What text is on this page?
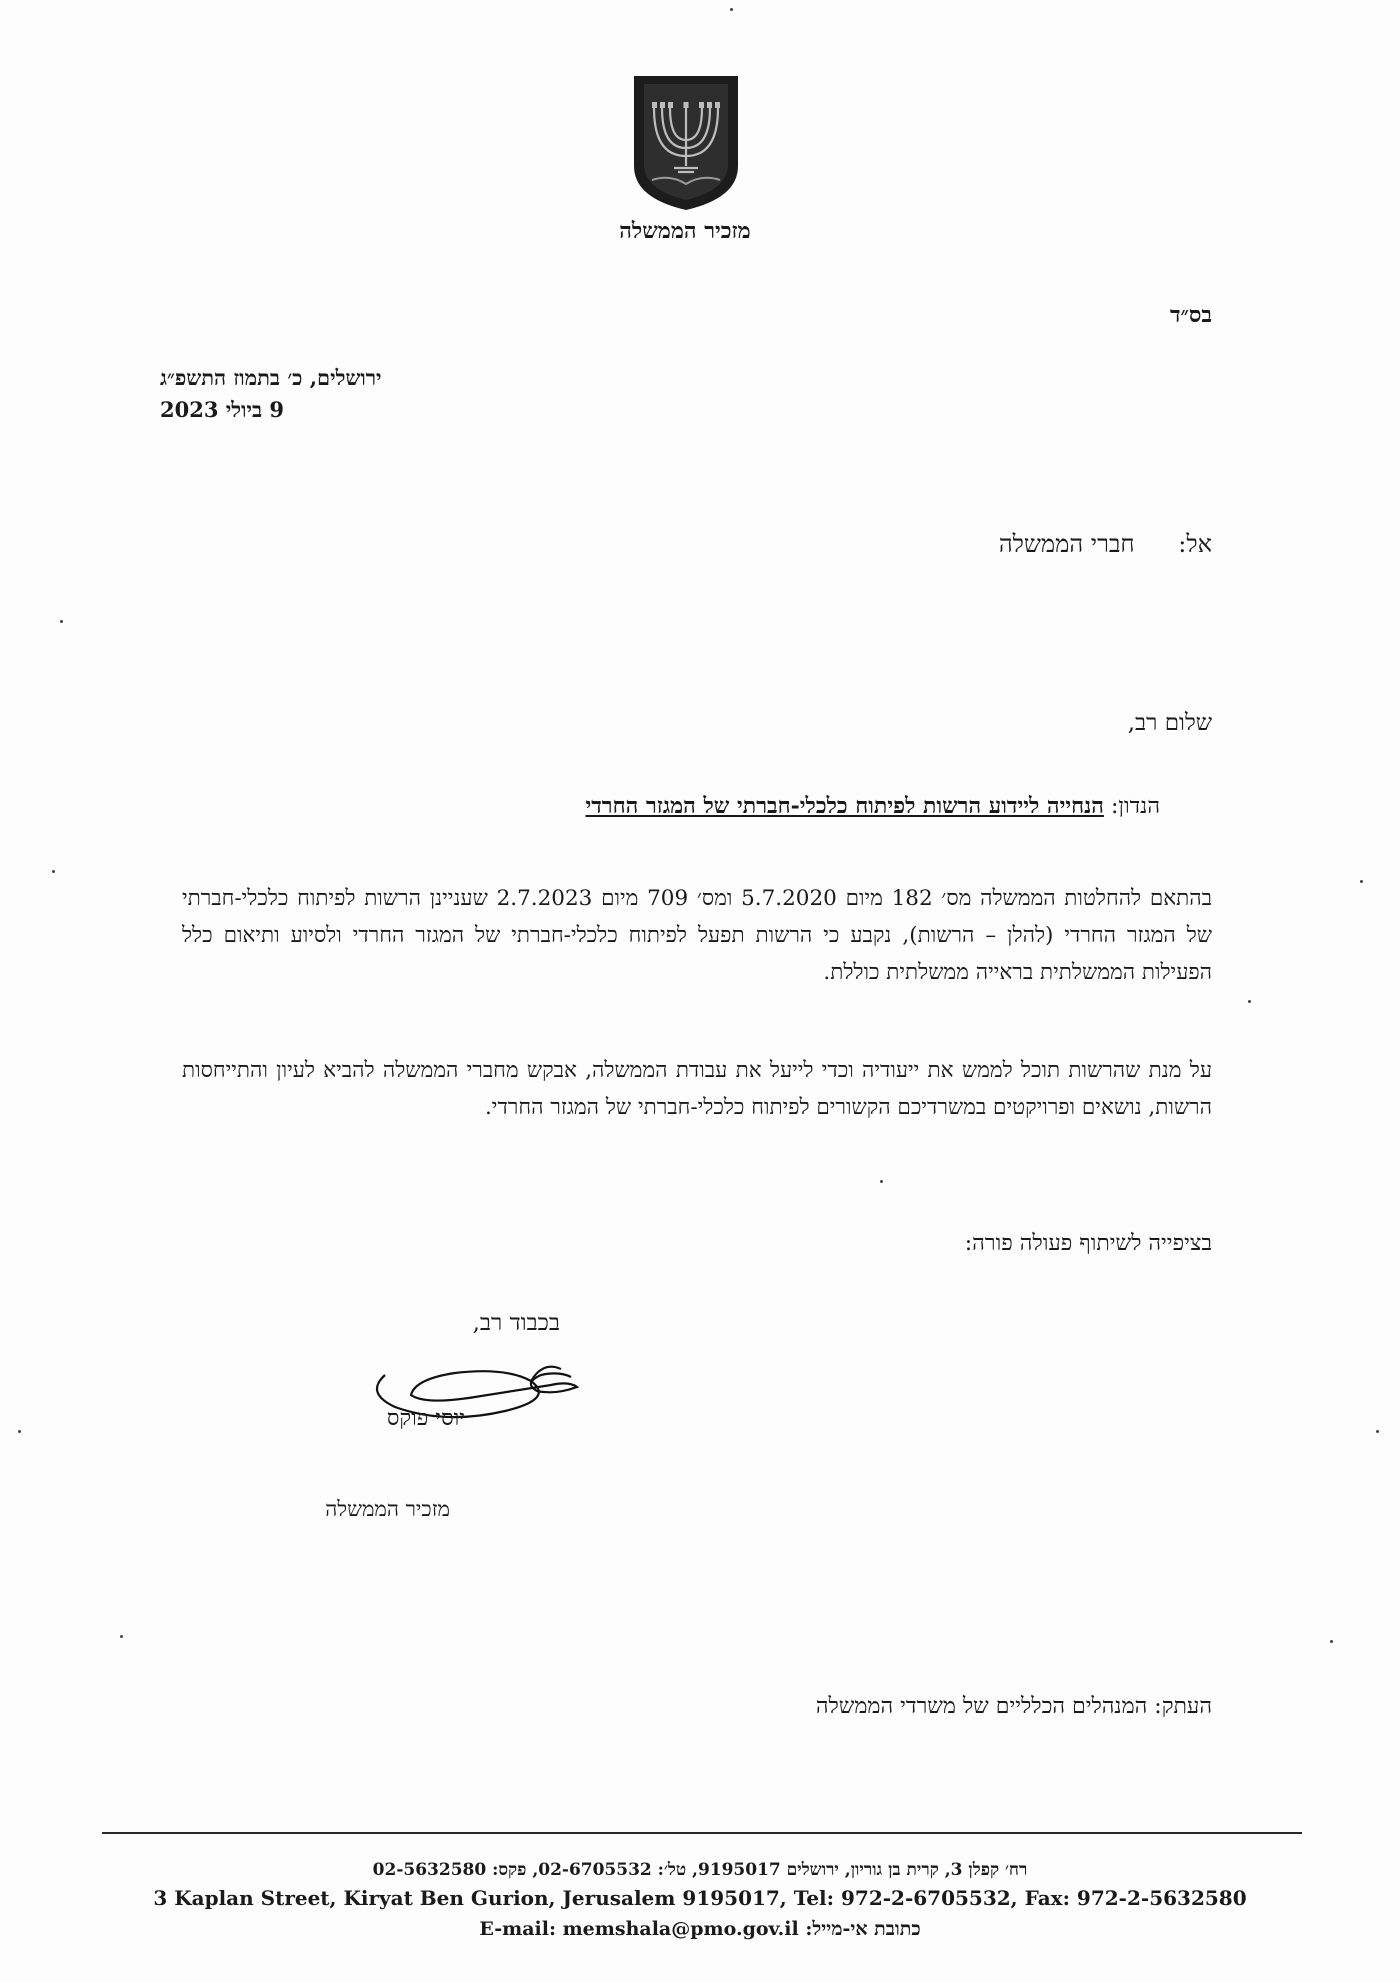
מזכיר הממשלה
בס״ד
ירושלים, כ׳ בתמוז התשפ״ג
9 ביולי 2023
אל: חברי הממשלה
שלום רב,
הנדון: הנחייה ליידוע הרשות לפיתוח כלכלי-חברתי של המגזר החרדי
בהתאם להחלטות הממשלה מס׳ 182 מיום 5.7.2020 ומס׳ 709 מיום 2.7.2023 שעניינן הרשות לפיתוח כלכלי-חברתי של המגזר החרדי (להלן – הרשות), נקבע כי הרשות תפעל לפיתוח כלכלי-חברתי של המגזר החרדי ולסיוע ותיאום כלל הפעילות הממשלתית בראייה ממשלתית כוללת.
על מנת שהרשות תוכל לממש את ייעודיה וכדי לייעל את עבודת הממשלה, אבקש מחברי הממשלה להביא לעיון והתייחסות הרשות, נושאים ופרויקטים במשרדיכם הקשורים לפיתוח כלכלי-חברתי של המגזר החרדי.
בציפייה לשיתוף פעולה פורה:
בכבוד רב,
יוסי פוקס
מזכיר הממשלה
העתק: המנהלים הכלליים של משרדי הממשלה
רח׳ קפלן 3, קרית בן גוריון, ירושלים 9195017, טל׳: 02-6705532, פקס: 02-5632580
3 Kaplan Street, Kiryat Ben Gurion, Jerusalem 9195017, Tel: 972-2-6705532, Fax: 972-2-5632580
כתובת אי-מייל: E-mail: memshala@pmo.gov.il
